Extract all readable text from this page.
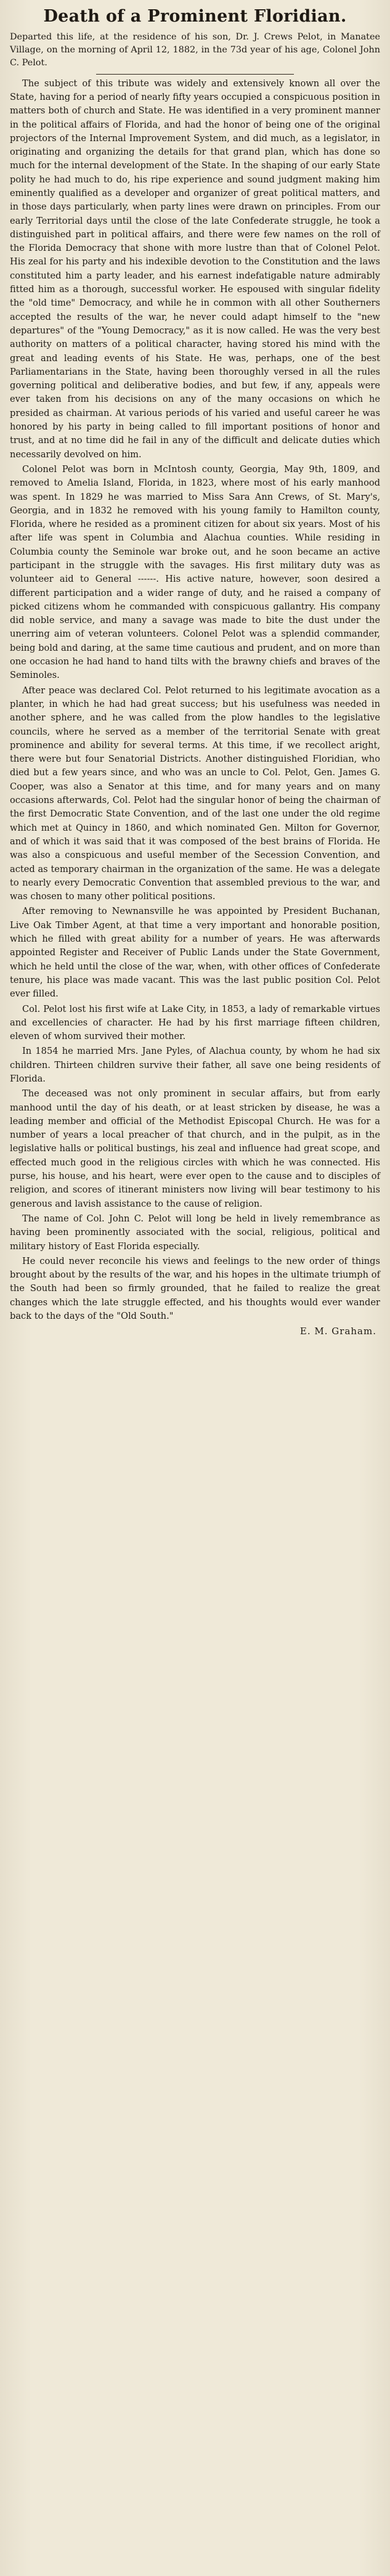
Death of a Prominent Floridian.

Departed this life, at the residence of his son, Dr. J. Crews Pelot, in Manatee Village, on the morning of April 12, 1882, in the 73d year of his age, Colonel John C. Pelot.

The subject of this tribute was widely and extensively known all over the State, having for a period of nearly fifty years occupied a conspicuous position in matters both of church and State. He was identified in a very prominent manner in the political affairs of Florida, and had the honor of being one of the original projectors of the Internal Improvement System, and did much, as a legislator, in originating and organizing the details for that grand plan, which has done so much for the internal development of the State. In the shaping of our early State polity he had much to do, his ripe experience and sound judgment making him eminently qualified as a developer and organizer of great political matters, and in those days particularly, when party lines were drawn on principles. From our early Territorial days until the close of the late Confederate struggle, he took a distinguished part in political affairs, and there were few names on the roll of the Florida Democracy that shone with more lustre than that of Colonel Pelot. His zeal for his party and his indexible devotion to the Constitution and the laws constituted him a party leader, and his earnest indefatigable nature admirably fitted him as a thorough, successful worker. He espoused with singular fidelity the "old time" Democracy, and while he in common with all other Southerners accepted the results of the war, he never could adapt himself to the "new departures" of the "Young Democracy," as it is now called. He was the very best authority on matters of a political character, having stored his mind with the great and leading events of his State. He was, perhaps, one of the best Parliamentarians in the State, having been thoroughly versed in all the rules governing political and deliberative bodies, and but few, if any, appeals were ever taken from his decisions on any of the many occasions on which he presided as chairman. At various periods of his varied and useful career he was honored by his party in being called to fill important positions of honor and trust, and at no time did he fail in any of the difficult and delicate duties which necessarily devolved on him.

Colonel Pelot was born in McIntosh county, Georgia, May 9th, 1809, and removed to Amelia Island, Florida, in 1823, where most of his early manhood was spent. In 1829 he was married to Miss Sara Ann Crews, of St. Mary's, Georgia, and in 1832 he removed with his young family to Hamilton county, Florida, where he resided as a prominent citizen for about six years. Most of his after life was spent in Columbia and Alachua counties. While residing in Columbia county the Seminole war broke out, and he soon became an active participant in the struggle with the savages. His first military duty was as volunteer aid to General ------. His active nature, however, soon desired a different participation and a wider range of duty, and he raised a company of picked citizens whom he commanded with conspicuous gallantry. His company did noble service, and many a savage was made to bite the dust under the unerring aim of veteran volunteers. Colonel Pelot was a splendid commander, being bold and daring, at the same time cautious and prudent, and on more than one occasion he had hand to hand tilts with the brawny chiefs and braves of the Seminoles.

After peace was declared Col. Pelot returned to his legitimate avocation as a planter, in which he had had great success; but his usefulness was needed in another sphere, and he was called from the plow handles to the legislative councils, where he served as a member of the territorial Senate with great prominence and ability for several terms. At this time, if we recollect aright, there were but four Senatorial Districts. Another distinguished Floridian, who died but a few years since, and who was an uncle to Col. Pelot, Gen. James G. Cooper, was also a Senator at this time, and for many years and on many occasions afterwards, Col. Pelot had the singular honor of being the chairman of the first Democratic State Convention, and of the last one under the old regime which met at Quincy in 1860, and which nominated Gen. Milton for Governor, and of which it was said that it was composed of the best brains of Florida. He was also a conspicuous and useful member of the Secession Convention, and acted as temporary chairman in the organization of the same. He was a delegate to nearly every Democratic Convention that assembled previous to the war, and was chosen to many other political positions.

After removing to Newnansville he was appointed by President Buchanan, Live Oak Timber Agent, at that time a very important and honorable position, which he filled with great ability for a number of years. He was afterwards appointed Register and Receiver of Public Lands under the State Government, which he held until the close of the war, when, with other offices of Confederate tenure, his place was made vacant. This was the last public position Col. Pelot ever filled.

Col. Pelot lost his first wife at Lake City, in 1853, a lady of remarkable virtues and excellencies of character. He had by his first marriage fifteen children, eleven of whom survived their mother.

In 1854 he married Mrs. Jane Pyles, of Alachua county, by whom he had six children. Thirteen children survive their father, all save one being residents of Florida.

The deceased was not only prominent in secular affairs, but from early manhood until the day of his death, or at least stricken by disease, he was a leading member and official of the Methodist Episcopal Church. He was for a number of years a local preacher of that church, and in the pulpit, as in the legislative halls or political bustings, his zeal and influence had great scope, and effected much good in the religious circles with which he was connected. His purse, his house, and his heart, were ever open to the cause and to disciples of religion, and scores of itinerant ministers now living will bear testimony to his generous and lavish assistance to the cause of religion.

The name of Col. John C. Pelot will long be held in lively remembrance as having been prominently associated with the social, religious, political and military history of East Florida especially.

He could never reconcile his views and feelings to the new order of things brought about by the results of the war, and his hopes in the ultimate triumph of the South had been so firmly grounded, that he failed to realize the great changes which the late struggle effected, and his thoughts would ever wander back to the days of the "Old South."

E. M. Graham.
